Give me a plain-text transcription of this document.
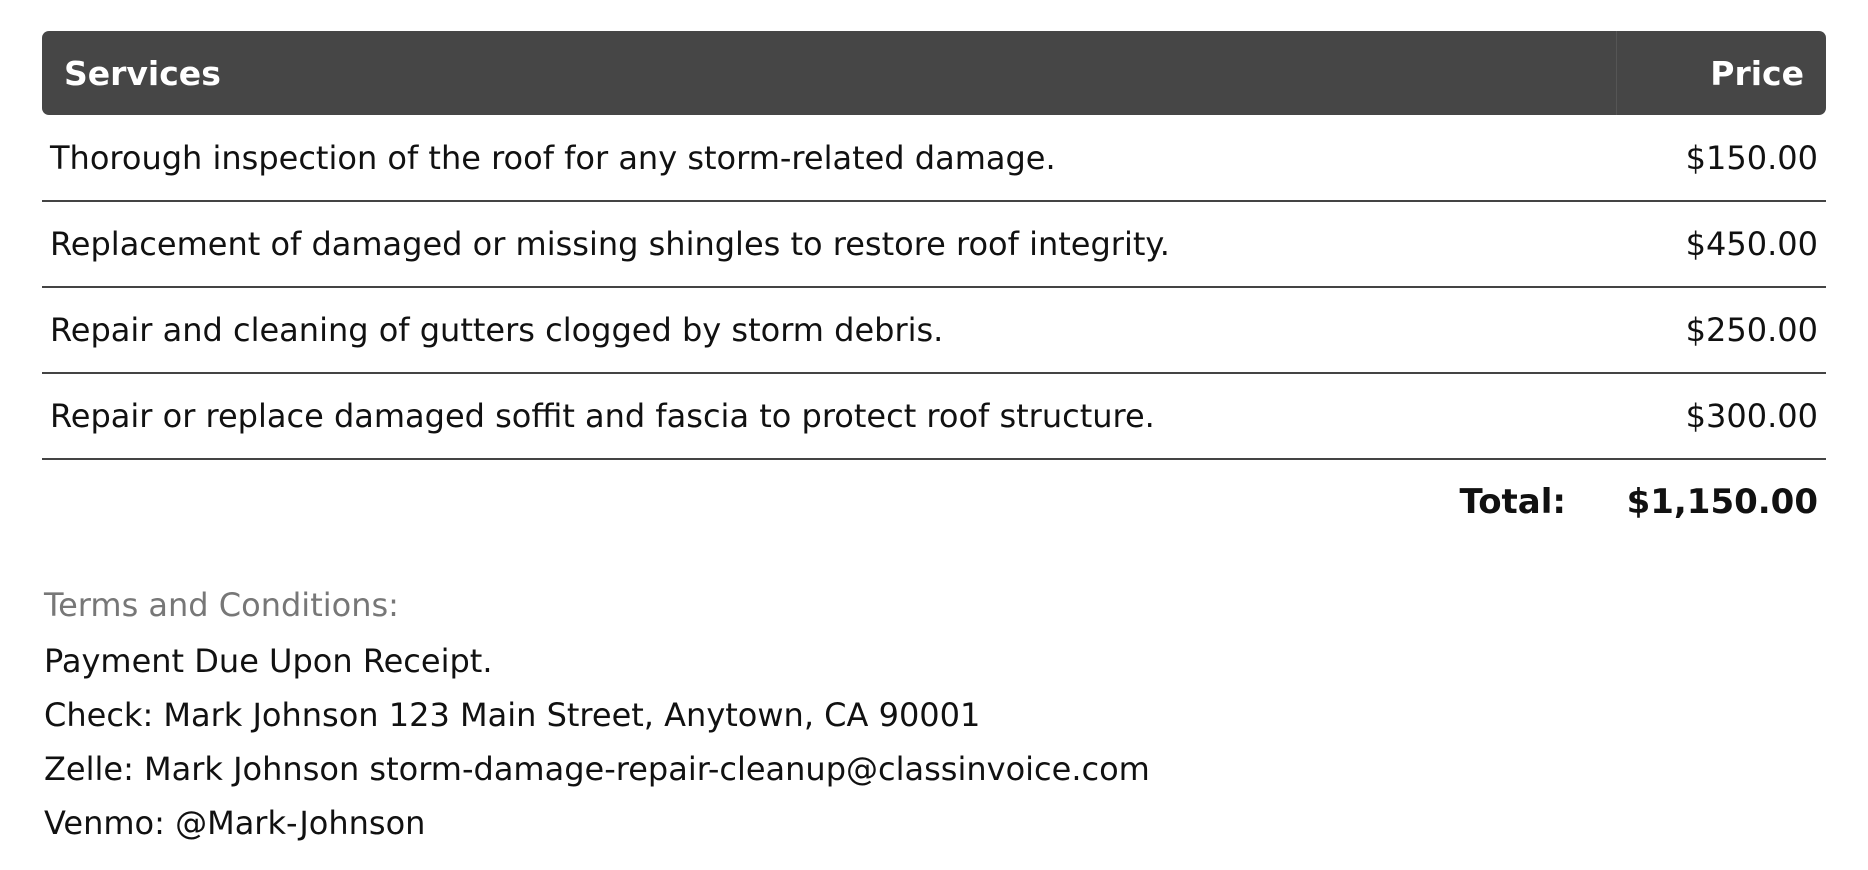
Services	Price
Thorough inspection of the roof for any storm-related damage.	$150.00
Replacement of damaged or missing shingles to restore roof integrity.	$450.00
Repair and cleaning of gutters clogged by storm debris.	$250.00
Repair or replace damaged soffit and fascia to protect roof structure.	$300.00
Total: $1,150.00
Terms and Conditions:
Payment Due Upon Receipt.
Check: Mark Johnson 123 Main Street, Anytown, CA 90001
Zelle: Mark Johnson storm-damage-repair-cleanup@classinvoice.com
Venmo: @Mark-Johnson
